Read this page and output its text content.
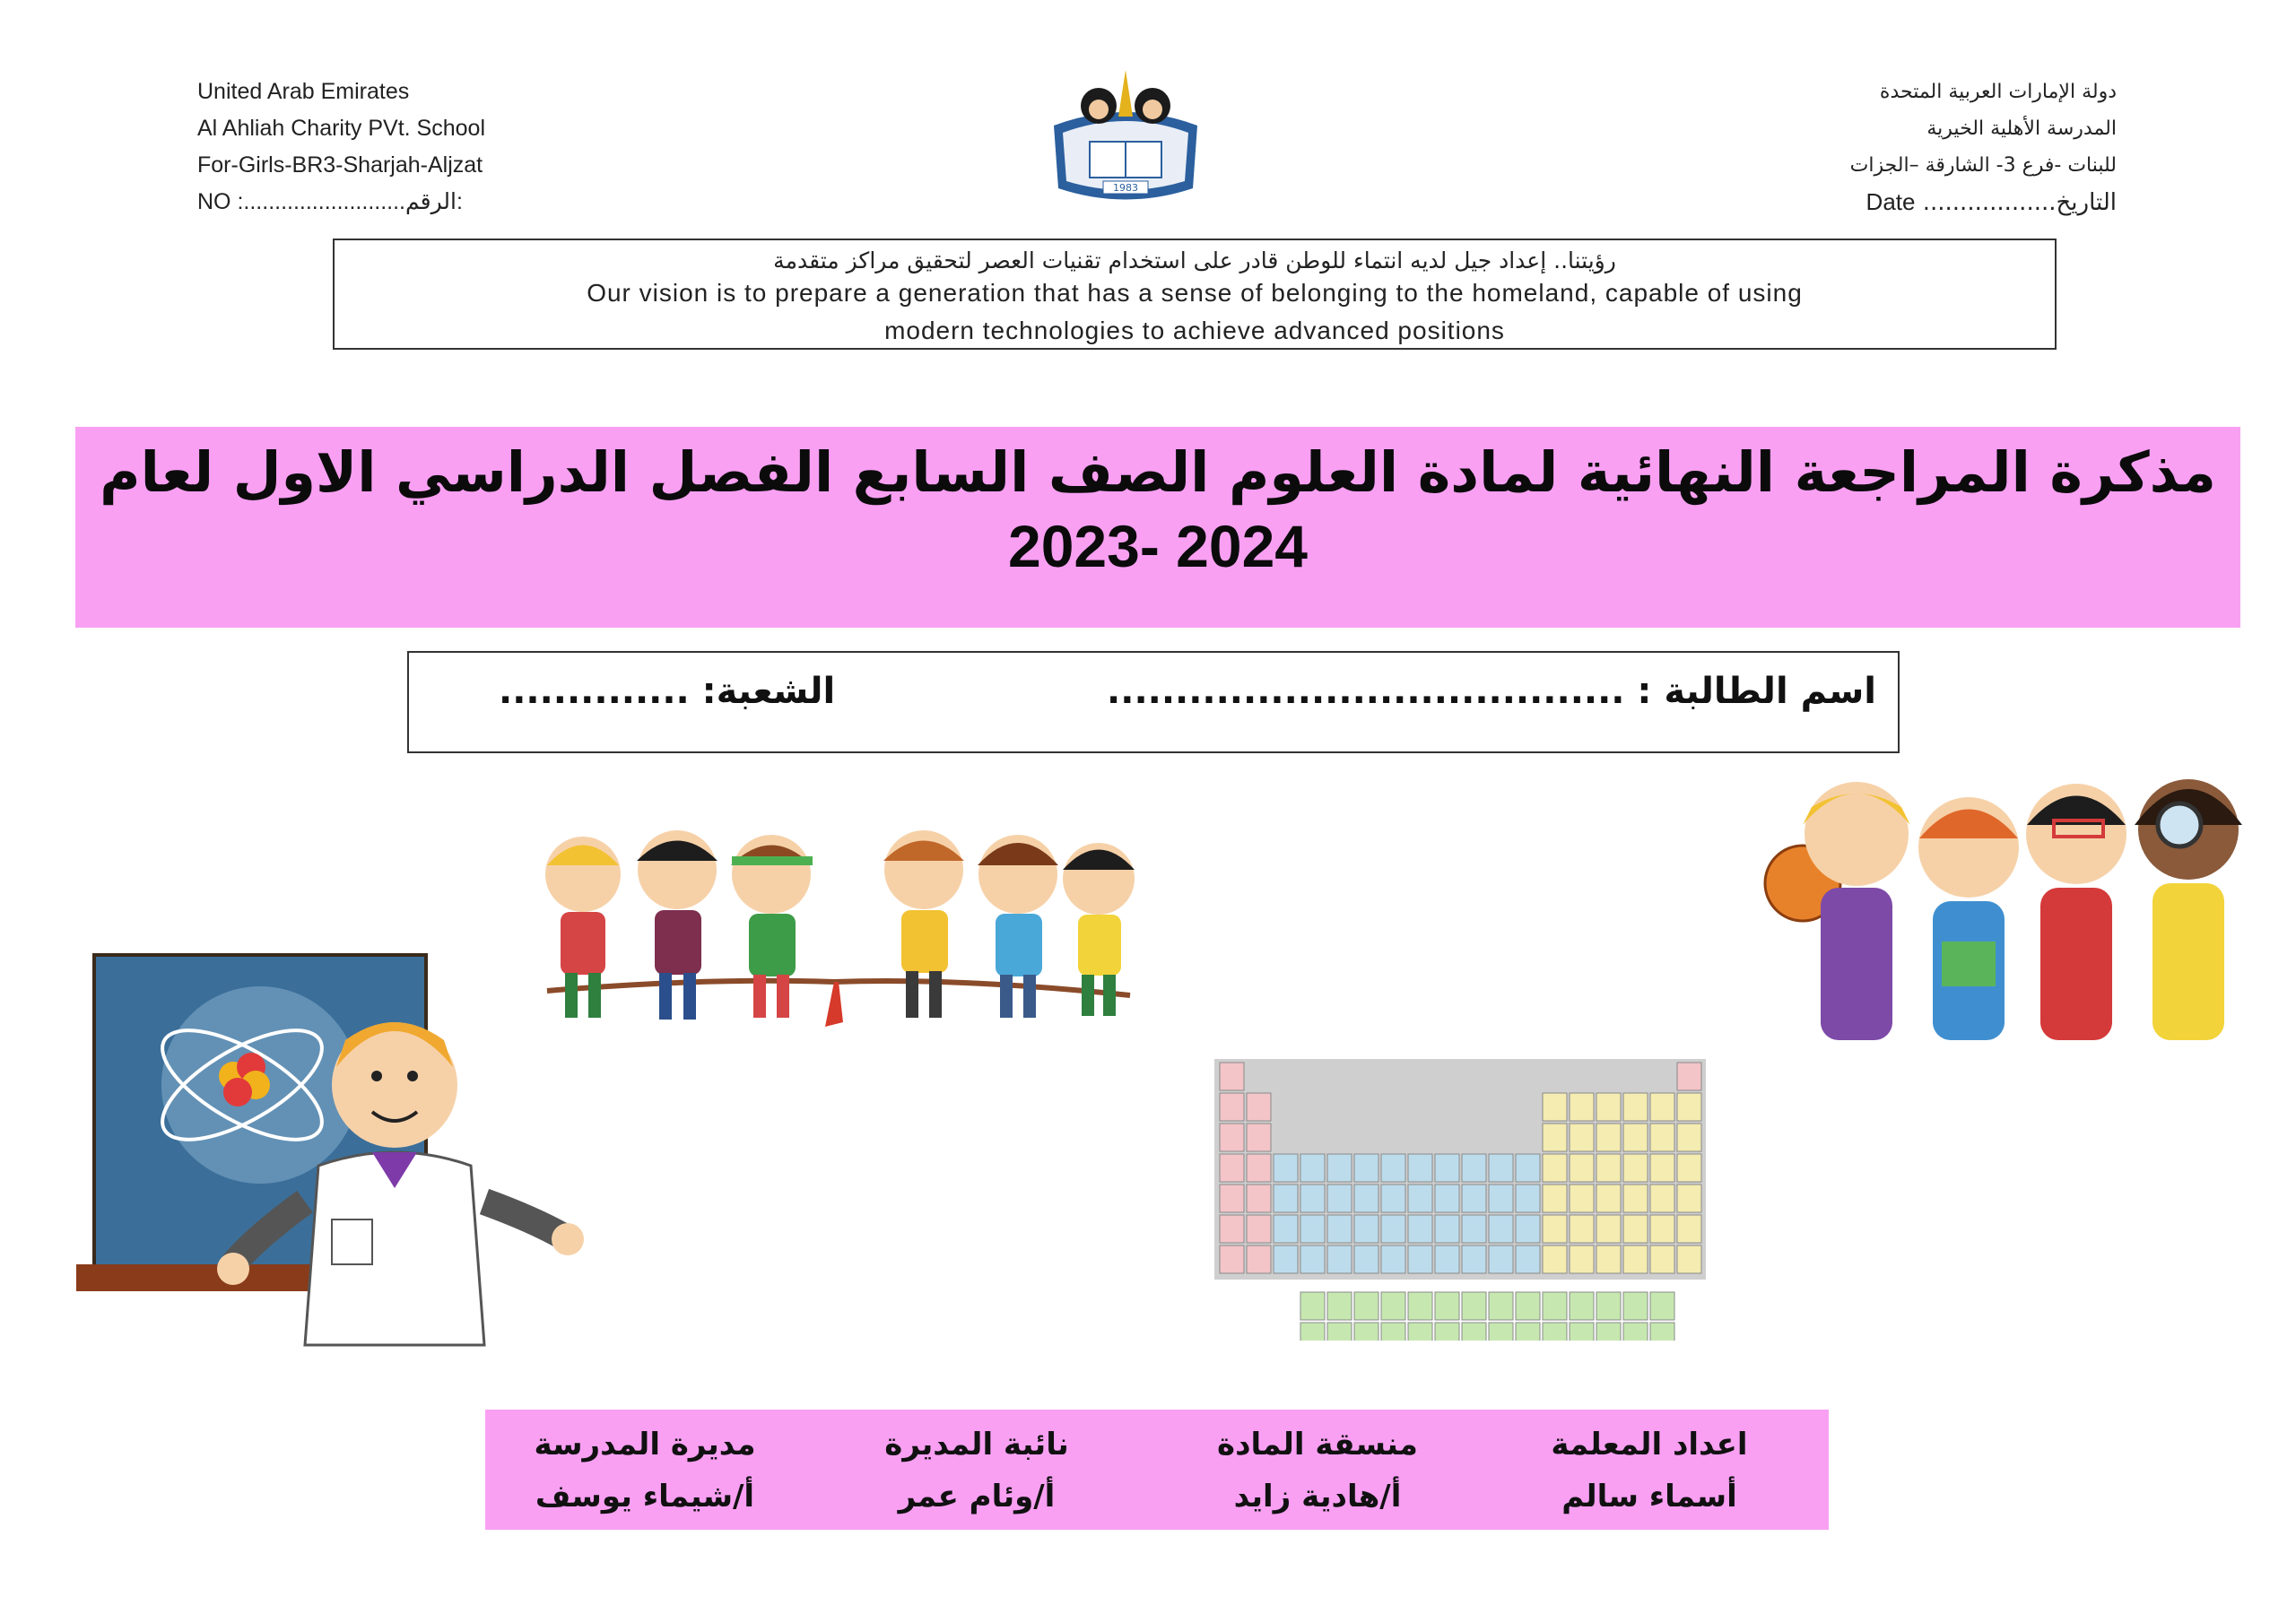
United Arab Emirates
Al Ahliah Charity PVt. School
For-Girls-BR3-Sharjah-Aljzat
NO :..........................الرقم:
دولة الإمارات العربية المتحدة
المدرسة الأهلية الخيرية
للبنات -فرع 3- الشارقة –الجزات
التاريخ.................. Date
1983
رؤيتنا.. إعداد جيل لديه انتماء للوطن قادر على استخدام تقنيات العصر لتحقيق مراكز متقدمة
Our vision is to prepare a generation that has a sense of belonging to the homeland, capable of using
modern technologies to achieve advanced positions
مذكرة المراجعة النهائية لمادة العلوم الصف السابع الفصل الدراسي الاول لعام
2023- 2024
اسم الطالبة : ......................................
الشعبة: ..............
اعداد المعلمة
أسماء سالم
منسقة المادة
أ/هادية زايد
نائبة المديرة
أ/وئام عمر
مديرة المدرسة
أ/شيماء يوسف
